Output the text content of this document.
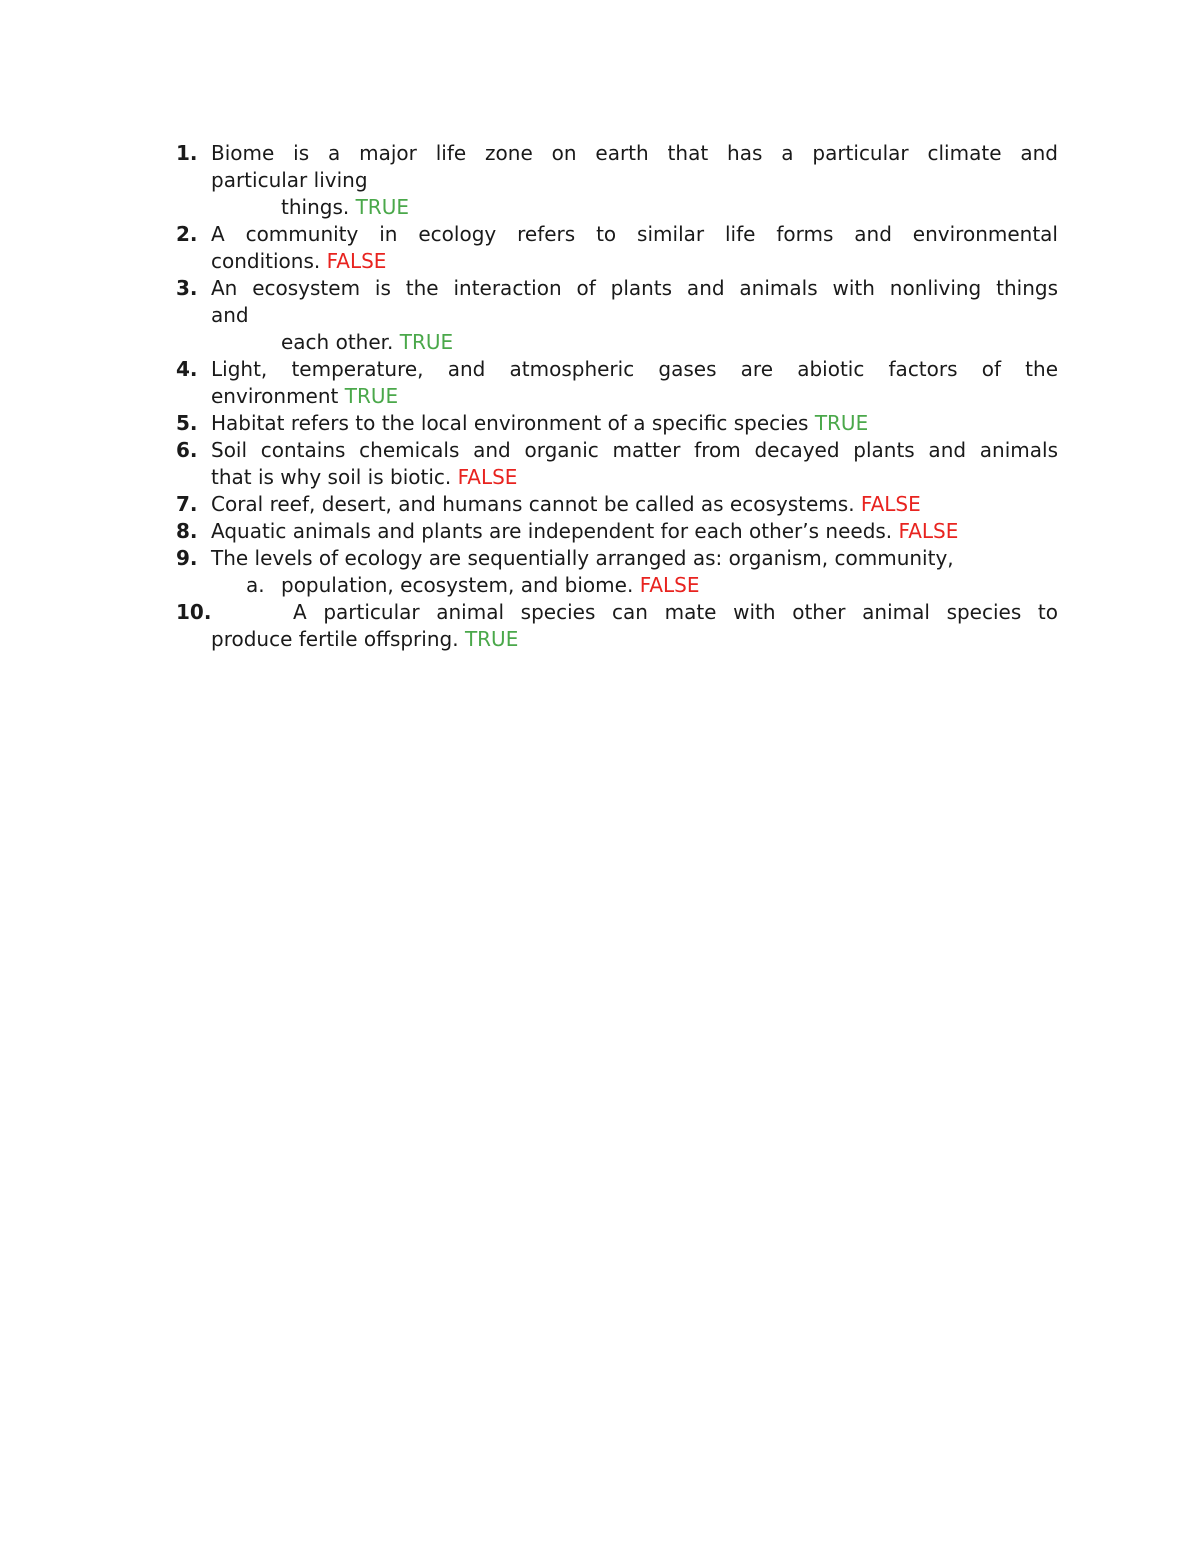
1. Biome is a major life zone on earth that has a particular climate and
particular living
things. TRUE
2. A community in ecology refers to similar life forms and environmental
conditions. FALSE
3. An ecosystem is the interaction of plants and animals with nonliving things
and
each other. TRUE
4. Light, temperature, and atmospheric gases are abiotic factors of the
environment TRUE
5. Habitat refers to the local environment of a specific species TRUE
6. Soil contains chemicals and organic matter from decayed plants and animals
that is why soil is biotic. FALSE
7. Coral reef, desert, and humans cannot be called as ecosystems. FALSE
8. Aquatic animals and plants are independent for each other’s needs. FALSE
9. The levels of ecology are sequentially arranged as: organism, community,
a. population, ecosystem, and biome. FALSE
10.	A particular animal species can mate with other animal species to
produce fertile offspring. TRUE
